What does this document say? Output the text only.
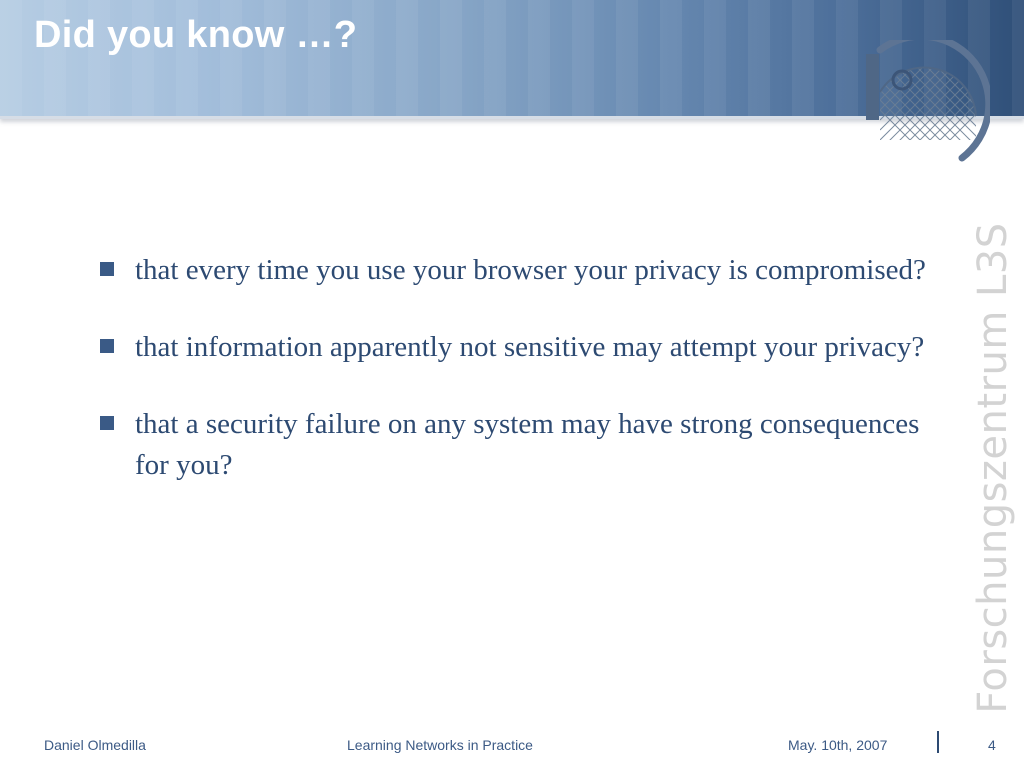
Did you know …?
Forschungszentrum L3S
that every time you use your browser your privacy is compromised?
that information apparently not sensitive may attempt your privacy?
that a security failure on any system may have strong consequences for you?
Daniel Olmedilla	Learning Networks in Practice	May. 10th, 2007	4
